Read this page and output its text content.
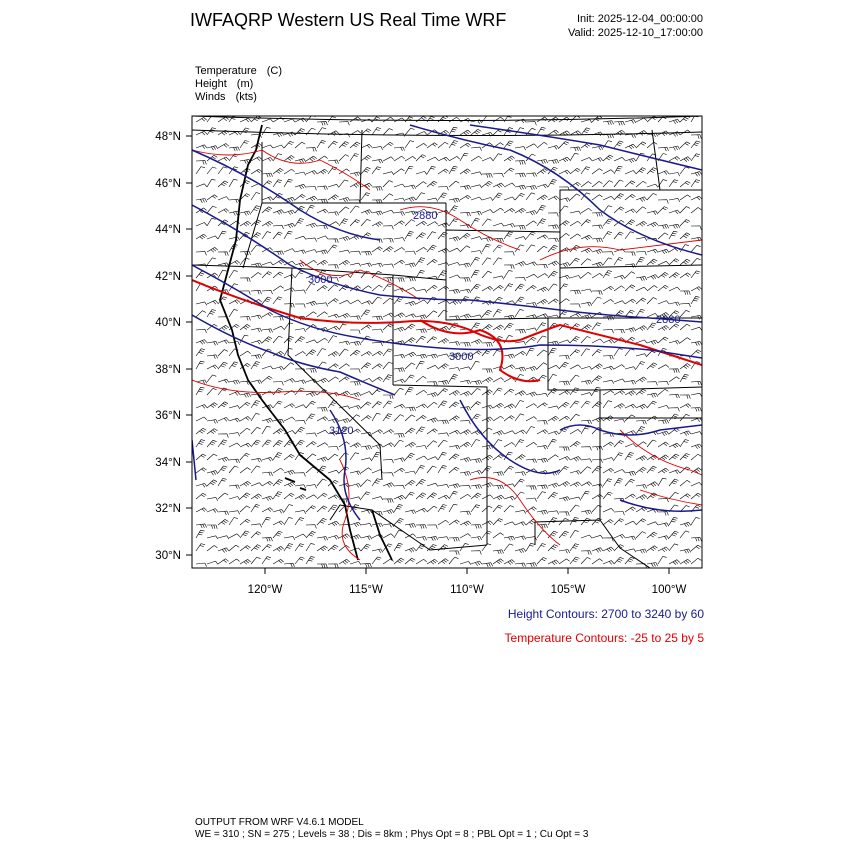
IWFAQRP Western US Real Time WRF	Init: 2025-12-04_00:00:00
Valid: 2025-12-10_17:00:00
Temperature (C)
Height (m)
Winds (kts)
2880
3000
3000
2880
3120
48°N
46°N
44°N
42°N
40°N
38°N
36°N
34°N
32°N
30°N
120°W	115°W	110°W	105°W	100°W
Height Contours: 2700 to 3240 by 60
Temperature Contours: -25 to 25 by 5
OUTPUT FROM WRF V4.6.1 MODEL
WE = 310 ; SN = 275 ; Levels = 38 ; Dis = 8km ; Phys Opt = 8 ; PBL Opt = 1 ; Cu Opt = 3
